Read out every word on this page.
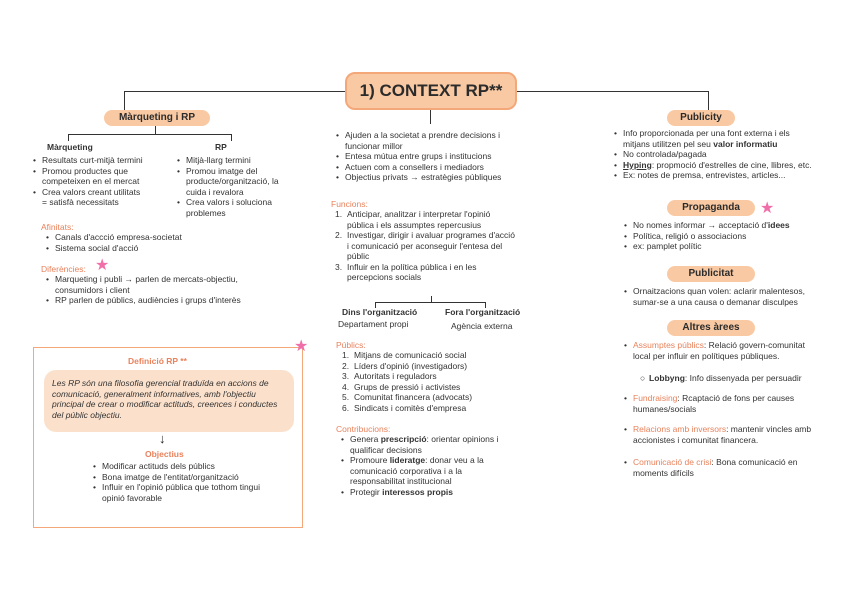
1) CONTEXT RP**
Màrqueting i RP
Màrqueting
• Resultats curt-mitjà termini
• Promou productes que competeixen en el mercat
• Crea valors creant utilitats = satisfà necessitats
RP
• Mitjà-llarg termini
• Promou imatge del producte/organització, la cuida i revalora
• Crea valors i soluciona problemes
Afinitats:
• Canals d'accció empresa-societat
• Sistema social d'acció
Diferències: ★
• Marqueting i publi → parlen de mercats-objectiu, consumidors i client
• RP parlen de públics, audiències i grups d'interès
★
Definició RP **
Les RP són una filosofia gerencial traduïda en accions de comunicació, generalment informatives, amb l'objectiu principal de crear o modificar actituds, creences i conductes del públic objectiu.
↓
Objectius
• Modificar actituds dels públics
• Bona imatge de l'entitat/organització
• Influir en l'opinió pública que tothom tingui opinió favorable
• Ajuden a la societat a prendre decisions i funcionar millor
• Entesa mútua entre grups i institucions
• Actuen com a consellers i mediadors
• Objectius privats → estratègies públiques
Funcions:
1. Anticipar, analitzar i interpretar l'opinió pública i els assumptes repercusius
2. Investigar, dirigir i avaluar programes d'acció i comunicació per aconseguir l'entesa del públic
3. Influir en la política pública i en les percepcions socials
Dins l'organització
Departament propi
Fora l'organització
Agència externa
Públics:
1. Mitjans de comunicació social
2. Líders d'opinió (investigadors)
3. Autoritats i reguladors
4. Grups de pressió i activistes
5. Comunitat financera (advocats)
6. Sindicats i comitès d'empresa
Contribucions:
• Genera prescripció: orientar opinions i qualificar decisions
• Promoure lideratge: donar veu a la comunicació corporativa i a la responsabilitat institucional
• Protegir interessos propis
Publicity
• Info proporcionada per una font externa i els mitjans utilitzen pel seu valor informatiu
• No controlada/pagada
• Hyping: propmoció d'estrelles de cine, llibres, etc.
• Ex: notes de premsa, entrevistes, articles...
Propaganda	★
• No nomes informar → acceptació d'idees
• Política, religió o associacions
• ex: pamplet polític
Publicitat
• Ornaitzacions quan volen: aclarir malentesos, sumar-se a una causa o demanar disculpes
Altres àrees
• Assumptes públics: Relació govern-comunitat local per influir en polítiques públiques.
○ Lobbyng: Info dissenyada per persuadir
• Fundraising: Rcaptació de fons per causes humanes/socials
• Relacions amb inversors: mantenir vincles amb accionistes i comunitat financera.
• Comunicació de crisi: Bona comunicació en moments difícils
